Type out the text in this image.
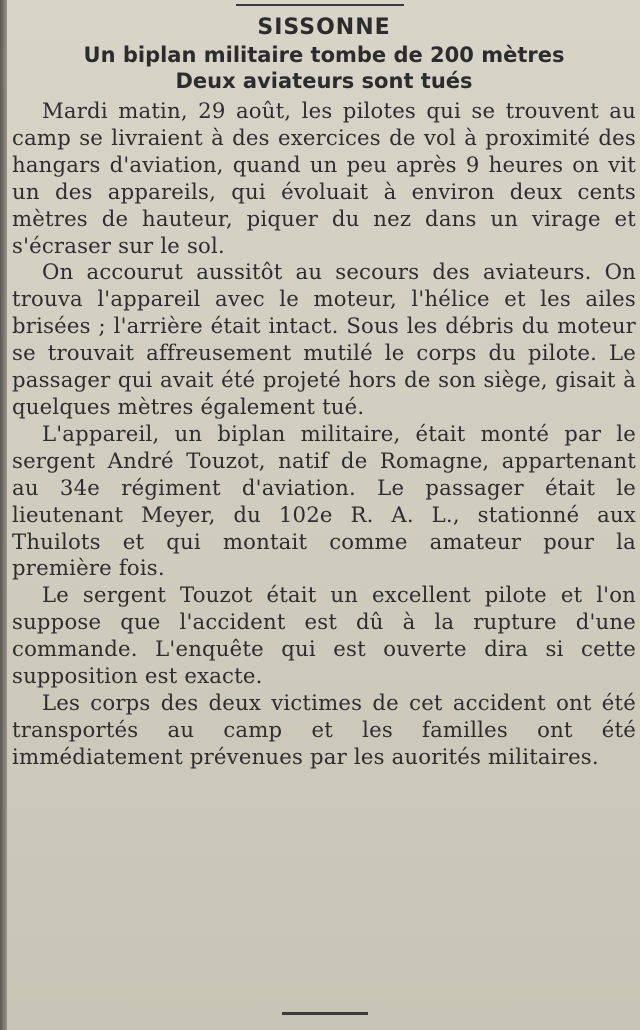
SISSONNE
Un biplan militaire tombe de 200 mètres
Deux aviateurs sont tués

Mardi matin, 29 août, les pilotes qui se trouvent au camp se livraient à des exercices de vol à proximité des hangars d'aviation, quand un peu après 9 heures on vit un des appareils, qui évoluait à environ deux cents mètres de hauteur, piquer du nez dans un virage et s'écraser sur le sol.

On accourut aussitôt au secours des aviateurs. On trouva l'appareil avec le moteur, l'hélice et les ailes brisées ; l'arrière était intact. Sous les débris du moteur se trouvait affreusement mutilé le corps du pilote. Le passager qui avait été projeté hors de son siège, gisait à quelques mètres également tué.

L'appareil, un biplan militaire, était monté par le sergent André Touzot, natif de Romagne, appartenant au 34e régiment d'aviation. Le passager était le lieutenant Meyer, du 102e R. A. L., stationné aux Thuilots et qui montait comme amateur pour la première fois.

Le sergent Touzot était un excellent pilote et l'on suppose que l'accident est dû à la rupture d'une commande. L'enquête qui est ouverte dira si cette supposition est exacte.

Les corps des deux victimes de cet accident ont été transportés au camp et les familles ont été immédiatement prévenues par les auorités militaires.
